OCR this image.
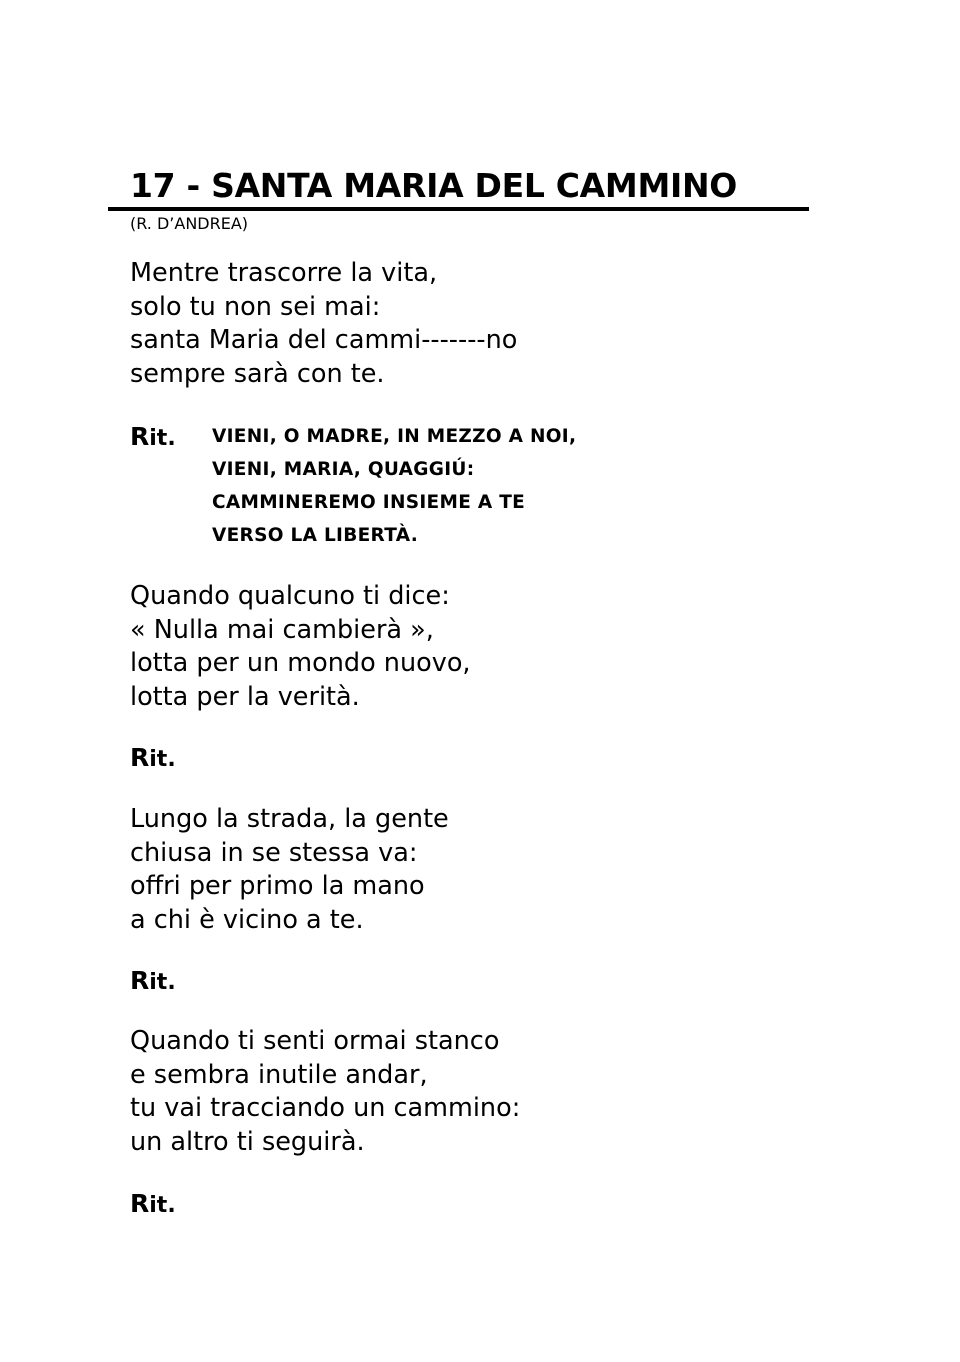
17 - SANTA MARIA DEL CAMMINO
(R. D’ANDREA)
Mentre trascorre la vita,
solo tu non sei mai:
santa Maria del cammi-------no
sempre sarà con te.
Rit. VIENI, O MADRE, IN MEZZO A NOI,
VIENI, MARIA, QUAGGIÚ:
CAMMINEREMO INSIEME A TE
VERSO LA LIBERTÀ.
Quando qualcuno ti dice:
« Nulla mai cambierà »,
lotta per un mondo nuovo,
lotta per la verità.
Rit.
Lungo la strada, la gente
chiusa in se stessa va:
offri per primo la mano
a chi è vicino a te.
Rit.
Quando ti senti ormai stanco
e sembra inutile andar,
tu vai tracciando un cammino:
un altro ti seguirà.
Rit.
